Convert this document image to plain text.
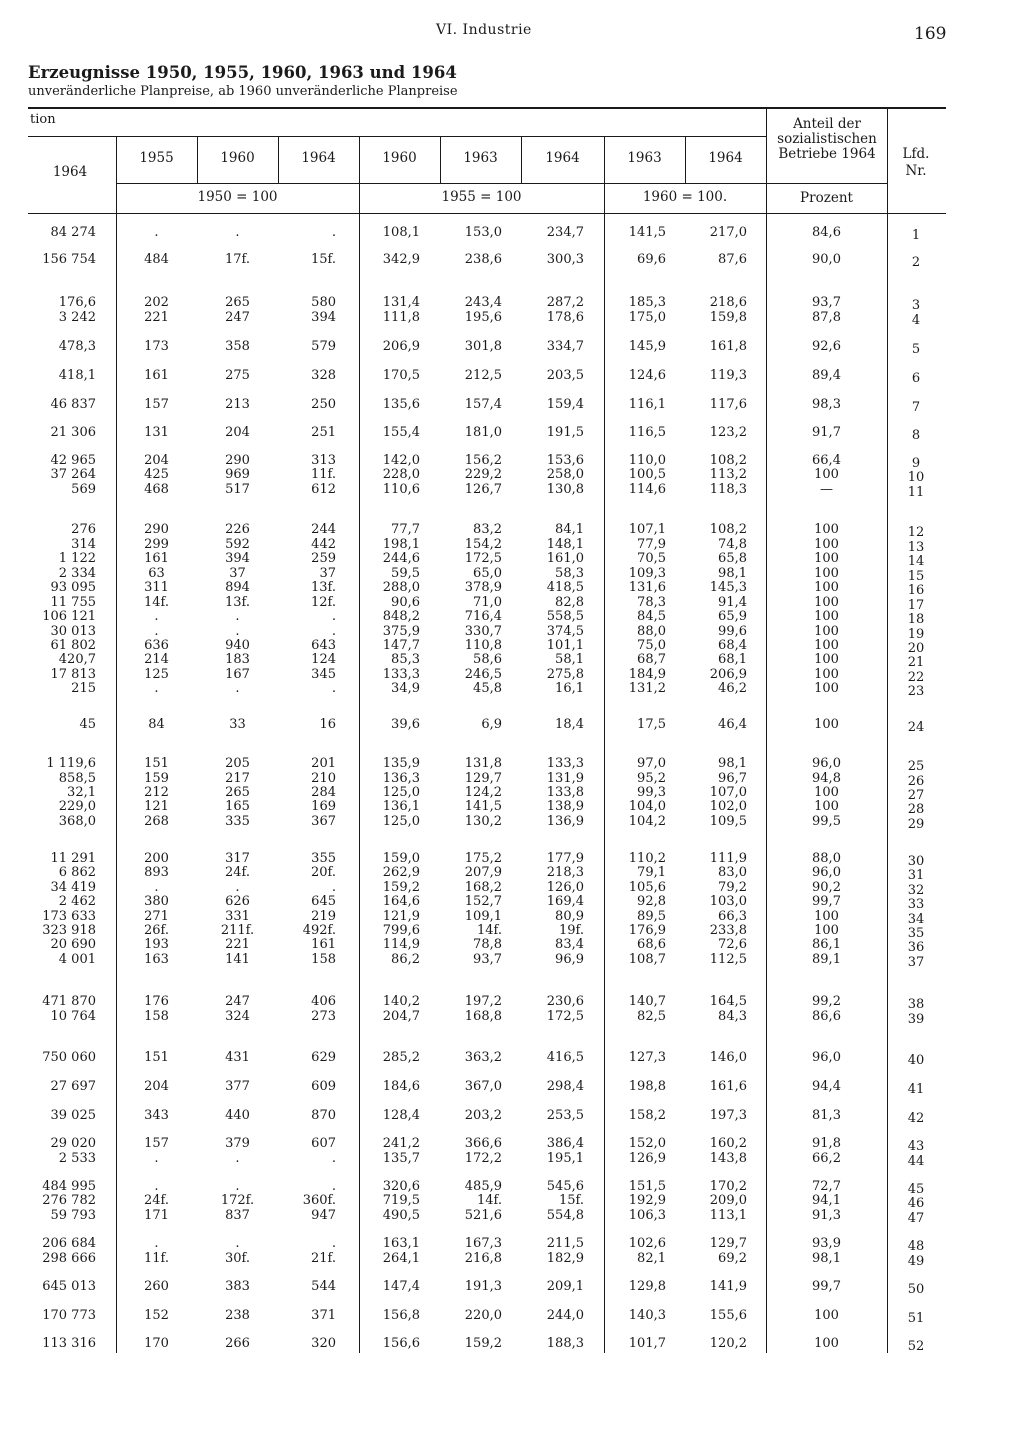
VI. Industrie	169
Erzeugnisse 1950, 1955, 1960, 1963 und 1964
unveränderliche Planpreise, ab 1960 unveränderliche Planpreise
tion
1964
1955	1960	1964	1960	1963	1964	1963	1964
1950 = 100	1955 = 100	1960 = 100.
Anteil der sozialistischen Betriebe 1964
Prozent
Lfd. Nr.
84 274	.	.	.	108,1	153,0	234,7	141,5	217,0	84,6	1
156 754	484	17f.	15f.	342,9	238,6	300,3	69,6	87,6	90,0	2
176,6	202	265	580	131,4	243,4	287,2	185,3	218,6	93,7	3
3 242	221	247	394	111,8	195,6	178,6	175,0	159,8	87,8	4
478,3	173	358	579	206,9	301,8	334,7	145,9	161,8	92,6	5
418,1	161	275	328	170,5	212,5	203,5	124,6	119,3	89,4	6
46 837	157	213	250	135,6	157,4	159,4	116,1	117,6	98,3	7
21 306	131	204	251	155,4	181,0	191,5	116,5	123,2	91,7	8
42 965	204	290	313	142,0	156,2	153,6	110,0	108,2	66,4	9
37 264	425	969	11f.	228,0	229,2	258,0	100,5	113,2	100	10
569	468	517	612	110,6	126,7	130,8	114,6	118,3	—	11
276	290	226	244	77,7	83,2	84,1	107,1	108,2	100	12
314	299	592	442	198,1	154,2	148,1	77,9	74,8	100	13
1 122	161	394	259	244,6	172,5	161,0	70,5	65,8	100	14
2 334	63	37	37	59,5	65,0	58,3	109,3	98,1	100	15
93 095	311	894	13f.	288,0	378,9	418,5	131,6	145,3	100	16
11 755	14f.	13f.	12f.	90,6	71,0	82,8	78,3	91,4	100	17
106 121	.	.	.	848,2	716,4	558,5	84,5	65,9	100	18
30 013	.	.	.	375,9	330,7	374,5	88,0	99,6	100	19
61 802	636	940	643	147,7	110,8	101,1	75,0	68,4	100	20
420,7	214	183	124	85,3	58,6	58,1	68,7	68,1	100	21
17 813	125	167	345	133,3	246,5	275,8	184,9	206,9	100	22
215	.	.	.	34,9	45,8	16,1	131,2	46,2	100	23
45	84	33	16	39,6	6,9	18,4	17,5	46,4	100	24
1 119,6	151	205	201	135,9	131,8	133,3	97,0	98,1	96,0	25
858,5	159	217	210	136,3	129,7	131,9	95,2	96,7	94,8	26
32,1	212	265	284	125,0	124,2	133,8	99,3	107,0	100	27
229,0	121	165	169	136,1	141,5	138,9	104,0	102,0	100	28
368,0	268	335	367	125,0	130,2	136,9	104,2	109,5	99,5	29
11 291	200	317	355	159,0	175,2	177,9	110,2	111,9	88,0	30
6 862	893	24f.	20f.	262,9	207,9	218,3	79,1	83,0	96,0	31
34 419	.	.	.	159,2	168,2	126,0	105,6	79,2	90,2	32
2 462	380	626	645	164,6	152,7	169,4	92,8	103,0	99,7	33
173 633	271	331	219	121,9	109,1	80,9	89,5	66,3	100	34
323 918	26f.	211f.	492f.	799,6	14f.	19f.	176,9	233,8	100	35
20 690	193	221	161	114,9	78,8	83,4	68,6	72,6	86,1	36
4 001	163	141	158	86,2	93,7	96,9	108,7	112,5	89,1	37
471 870	176	247	406	140,2	197,2	230,6	140,7	164,5	99,2	38
10 764	158	324	273	204,7	168,8	172,5	82,5	84,3	86,6	39
750 060	151	431	629	285,2	363,2	416,5	127,3	146,0	96,0	40
27 697	204	377	609	184,6	367,0	298,4	198,8	161,6	94,4	41
39 025	343	440	870	128,4	203,2	253,5	158,2	197,3	81,3	42
29 020	157	379	607	241,2	366,6	386,4	152,0	160,2	91,8	43
2 533	.	.	.	135,7	172,2	195,1	126,9	143,8	66,2	44
484 995	.	.	.	320,6	485,9	545,6	151,5	170,2	72,7	45
276 782	24f.	172f.	360f.	719,5	14f.	15f.	192,9	209,0	94,1	46
59 793	171	837	947	490,5	521,6	554,8	106,3	113,1	91,3	47
206 684	.	.	.	163,1	167,3	211,5	102,6	129,7	93,9	48
298 666	11f.	30f.	21f.	264,1	216,8	182,9	82,1	69,2	98,1	49
645 013	260	383	544	147,4	191,3	209,1	129,8	141,9	99,7	50
170 773	152	238	371	156,8	220,0	244,0	140,3	155,6	100	51
113 316	170	266	320	156,6	159,2	188,3	101,7	120,2	100	52
